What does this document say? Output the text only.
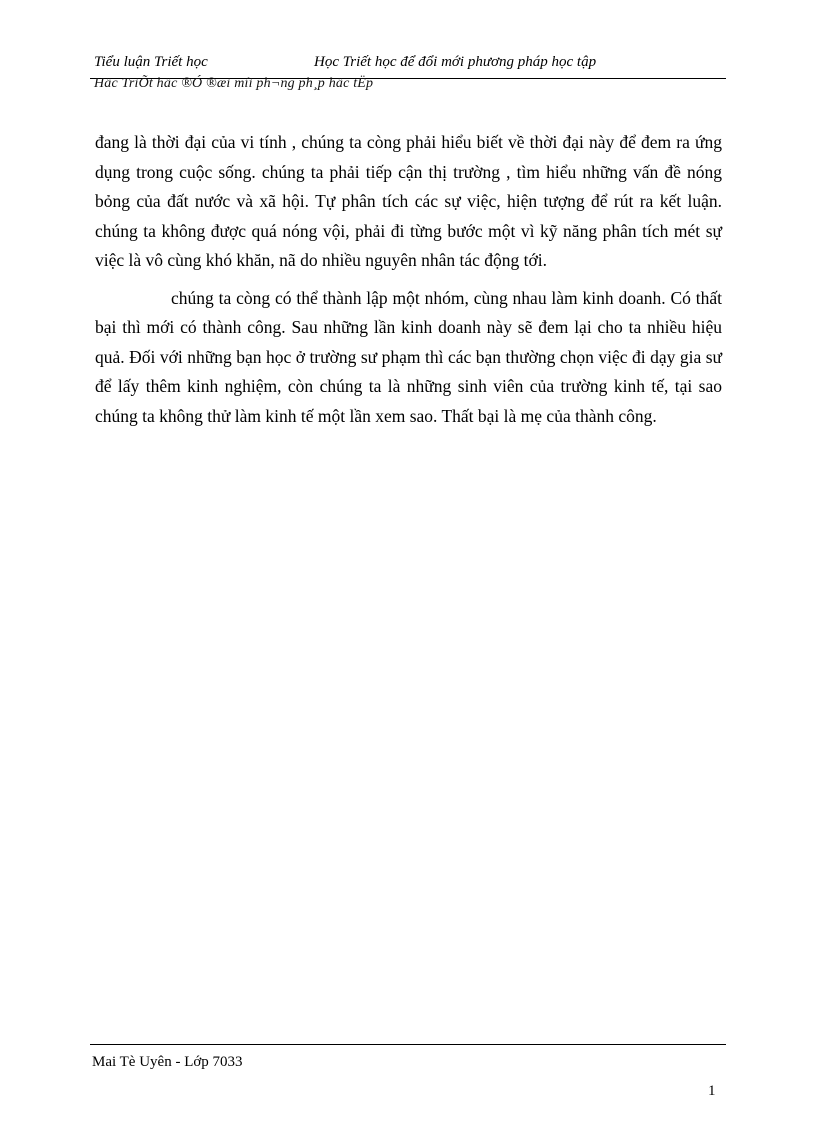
Tiểu luận Triết học	Học Triết học để đổi mới phương pháp học tập
Häc TriÕt häc ®Ó ®æi míi ph¬ng ph¸p häc tËp

đang là thời đại của vi tính , chúng ta còng phải hiểu biết về thời đại này để đem ra ứng dụng trong cuộc sống. chúng ta phải tiếp cận thị trường , tìm hiểu những vấn đề nóng bỏng của đất nước và xã hội. Tự phân tích các sự việc, hiện tượng để rút ra kết luận. chúng ta không được quá nóng vội, phải đi từng bước một vì kỹ năng phân tích mét sự việc là vô cùng khó khăn, nã do nhiều nguyên nhân tác động tới.

chúng ta còng có thể thành lập một nhóm, cùng nhau làm kinh doanh. Có thất bại thì mới có thành công. Sau những lần kinh doanh này sẽ đem lại cho ta nhiều hiệu quả. Đối với những bạn học ở trường sư phạm thì các bạn thường chọn việc đi dạy gia sư để lấy thêm kinh nghiệm, còn chúng ta là những sinh viên của trường kinh tế, tại sao chúng ta không thử làm kinh tế một lần xem sao. Thất bại là mẹ của thành công.

Mai Tè Uyên - Lớp 7033
1
